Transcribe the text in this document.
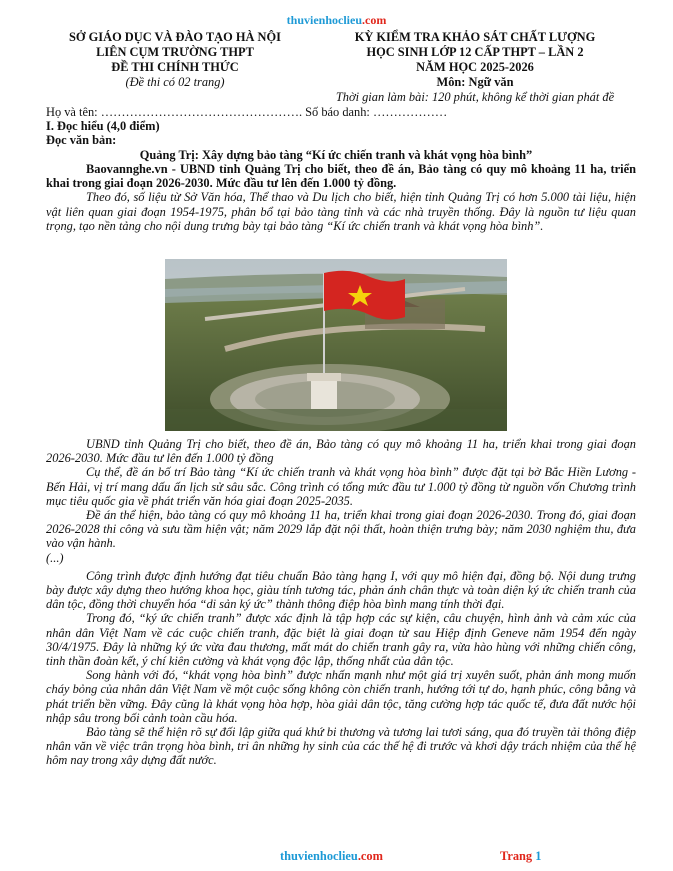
thuvienhoclieu.com
SỞ GIÁO DỤC VÀ ĐÀO TẠO HÀ NỘI
LIÊN CỤM TRƯỜNG THPT
ĐỀ THI CHÍNH THỨC
(Đề thi có 02 trang)
KỲ KIỂM TRA KHẢO SÁT CHẤT LƯỢNG
HỌC SINH LỚP 12 CẤP THPT – LẦN 2
NĂM HỌC 2025-2026
Môn: Ngữ văn
Thời gian làm bài: 120 phút, không kể thời gian phát đề
Họ và tên: …………………………………………. Số báo danh: ………………
I. Đọc hiểu (4,0 điểm)
Đọc văn bản:
Quảng Trị: Xây dựng bảo tàng “Kí ức chiến tranh và khát vọng hòa bình”

Baovannghe.vn - UBND tỉnh Quảng Trị cho biết, theo đề án, Bảo tàng có quy mô khoảng 11 ha, triển khai trong giai đoạn 2026-2030. Mức đầu tư lên đến 1.000 tỷ đồng.

Theo đó, số liệu từ Sở Văn hóa, Thể thao và Du lịch cho biết, hiện tỉnh Quảng Trị có hơn 5.000 tài liệu, hiện vật liên quan giai đoạn 1954-1975, phân bổ tại bảo tàng tỉnh và các nhà truyền thống. Đây là nguồn tư liệu quan trọng, tạo nền tảng cho nội dung trưng bày tại bảo tàng “Kí ức chiến tranh và khát vọng hòa bình”.

UBND tỉnh Quảng Trị cho biết, theo đề án, Bảo tàng có quy mô khoảng 11 ha, triển khai trong giai đoạn 2026-2030. Mức đầu tư lên đến 1.000 tỷ đồng

Cụ thể, đề án bố trí Bảo tàng “Kí ức chiến tranh và khát vọng hòa bình” được đặt tại bờ Bắc Hiền Lương - Bến Hải, vị trí mang dấu ấn lịch sử sâu sắc. Công trình có tổng mức đầu tư 1.000 tỷ đồng từ nguồn vốn Chương trình mục tiêu quốc gia về phát triển văn hóa giai đoạn 2025-2035.

Đề án thể hiện, bảo tàng có quy mô khoảng 11 ha, triển khai trong giai đoạn 2026-2030. Trong đó, giai đoạn 2026-2028 thi công và sưu tầm hiện vật; năm 2029 lắp đặt nội thất, hoàn thiện trưng bày; năm 2030 nghiệm thu, đưa vào vận hành.

(...)

Công trình được định hướng đạt tiêu chuẩn Bảo tàng hạng I, với quy mô hiện đại, đồng bộ. Nội dung trưng bày được xây dựng theo hướng khoa học, giàu tính tương tác, phản ánh chân thực và toàn diện ký ức chiến tranh của dân tộc, đồng thời chuyển hóa “di sản ký ức” thành thông điệp hòa bình mang tính thời đại.

Trong đó, “ký ức chiến tranh” được xác định là tập hợp các sự kiện, câu chuyện, hình ảnh và cảm xúc của nhân dân Việt Nam về các cuộc chiến tranh, đặc biệt là giai đoạn từ sau Hiệp định Geneve năm 1954 đến ngày 30/4/1975. Đây là những ký ức vừa đau thương, mất mát do chiến tranh gây ra, vừa hào hùng với những chiến công, tinh thần đoàn kết, ý chí kiên cường và khát vọng độc lập, thống nhất của dân tộc.

Song hành với đó, “khát vọng hòa bình” được nhấn mạnh như một giá trị xuyên suốt, phản ánh mong muốn cháy bỏng của nhân dân Việt Nam về một cuộc sống không còn chiến tranh, hướng tới tự do, hạnh phúc, công bằng và phát triển bền vững. Đây cũng là khát vọng hòa hợp, hòa giải dân tộc, tăng cường hợp tác quốc tế, đưa đất nước hội nhập sâu trong bối cảnh toàn cầu hóa.

Bảo tàng sẽ thể hiện rõ sự đối lập giữa quá khứ bi thương và tương lai tươi sáng, qua đó truyền tải thông điệp nhân văn về việc trân trọng hòa bình, tri ân những hy sinh của các thế hệ đi trước và khơi dậy trách nhiệm của thế hệ hôm nay trong xây dựng đất nước.

thuvienhoclieu.com	Trang 1
